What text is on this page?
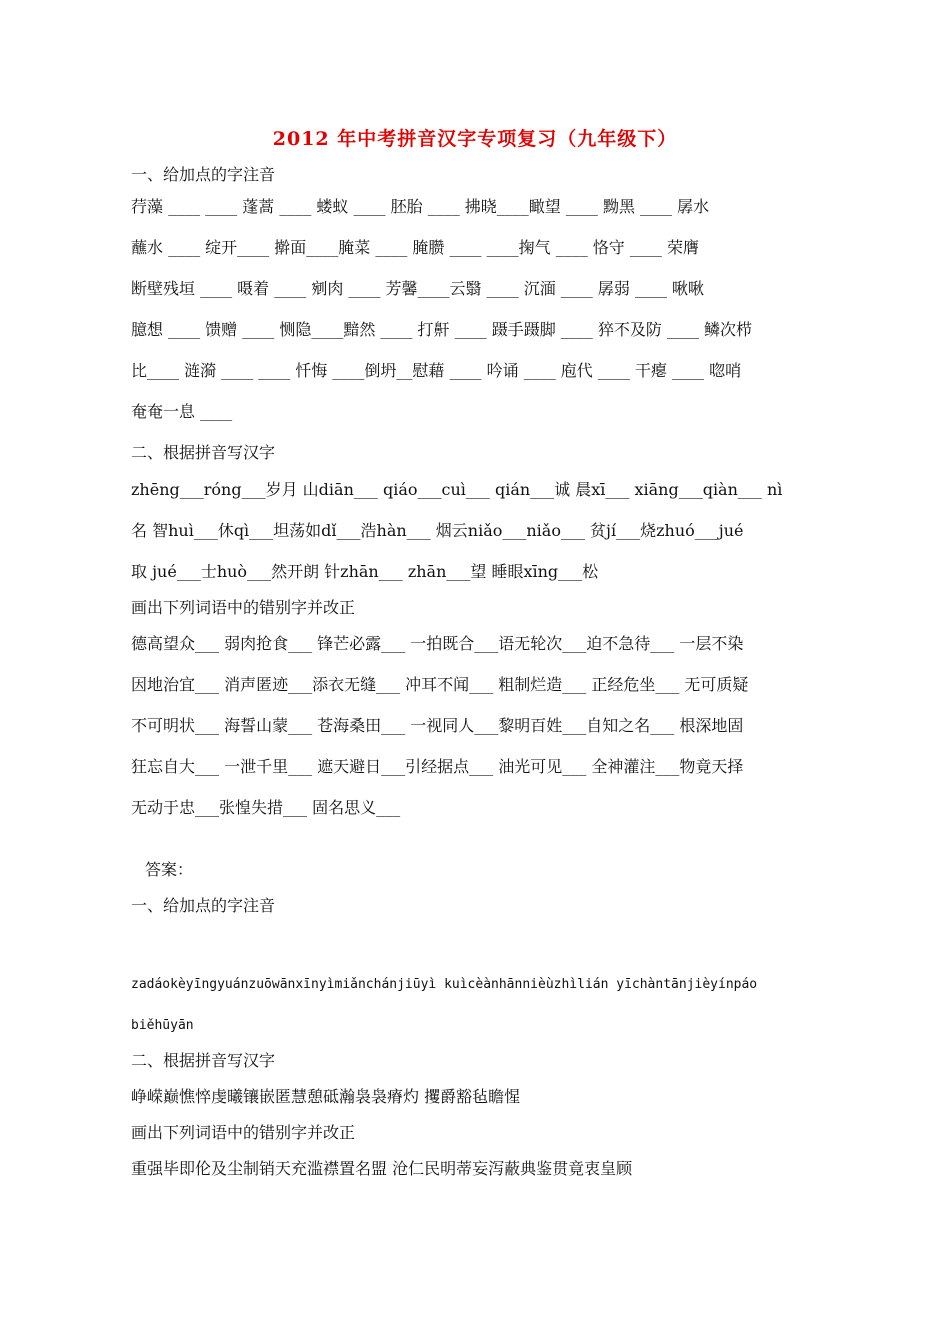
2012 年中考拼音汉字专项复习（九年级下）
一、给加点的字注音
荇藻 ____ ____ 蓬蒿 ____ 蝼蚁 ____ 胚胎 ____ 拂晓____瞰望 ____ 黝黑 ____ 孱水
蘸水 ____ 绽开____ 擀面____腌菜 ____ 腌臜 ____ ____掬气 ____ 恪守 ____ 荣膺
断壁残垣 ____ 嗫着 ____ 剜肉 ____ 芳馨____云翳 ____ 沉湎 ____ 孱弱 ____ 啾啾
臆想 ____ 馈赠 ____ 恻隐____黯然 ____ 打鼾 ____ 蹑手蹑脚 ____ 猝不及防 ____ 鳞次栉
比____ 涟漪 ____ ____ 忏悔 ____倒坍__慰藉 ____ 吟诵 ____ 庖代 ____ 干瘪 ____ 唿哨
奄奄一息 ____
二、根据拼音写汉字
zhēng___róng___岁月 山diān___ qiáo___cuì___ qián___诚 晨xī___ xiāng___qiàn___ nì
名 智huì___休qì___坦荡如dǐ___浩hàn___ 烟云niǎo___niǎo___ 贫jí___烧zhuó___jué
取 jué___士huò___然开朗 针zhān___ zhān___望 睡眼xīng___松
画出下列词语中的错别字并改正
德高望众___ 弱肉抢食___ 锋芒必露___ 一拍既合___语无轮次___迫不急待___ 一层不染
因地治宜___ 消声匿迹___添衣无缝___ 冲耳不闻___ 粗制烂造___ 正经危坐___ 无可质疑
不可明状___ 海誓山蒙___ 苍海桑田___ 一视同人___黎明百姓___自知之名___ 根深地固
狂忘自大___ 一泄千里___ 遮天避日___引经据点___ 油光可见___ 全神灌注___物竟天择
无动于忠___张惶失措___ 固名思义___
答案：
一、给加点的字注音
zadáokèyīngyuánzuōwānxīnyìmiǎnchánjiūyì kuìcèànhānnièùzhìlián yīchàntānjièyínpáo
biěhūyān
二、根据拼音写汉字
峥嵘巅憔悴虔曦镶嵌匿慧憩砥瀚袅袅瘠灼 攫爵豁毡瞻惺
画出下列词语中的错别字并改正
重强毕即伦及尘制销天充滥襟置名盟 沧仁民明蒂妄泻蔽典鉴贯竟衷皇顾
